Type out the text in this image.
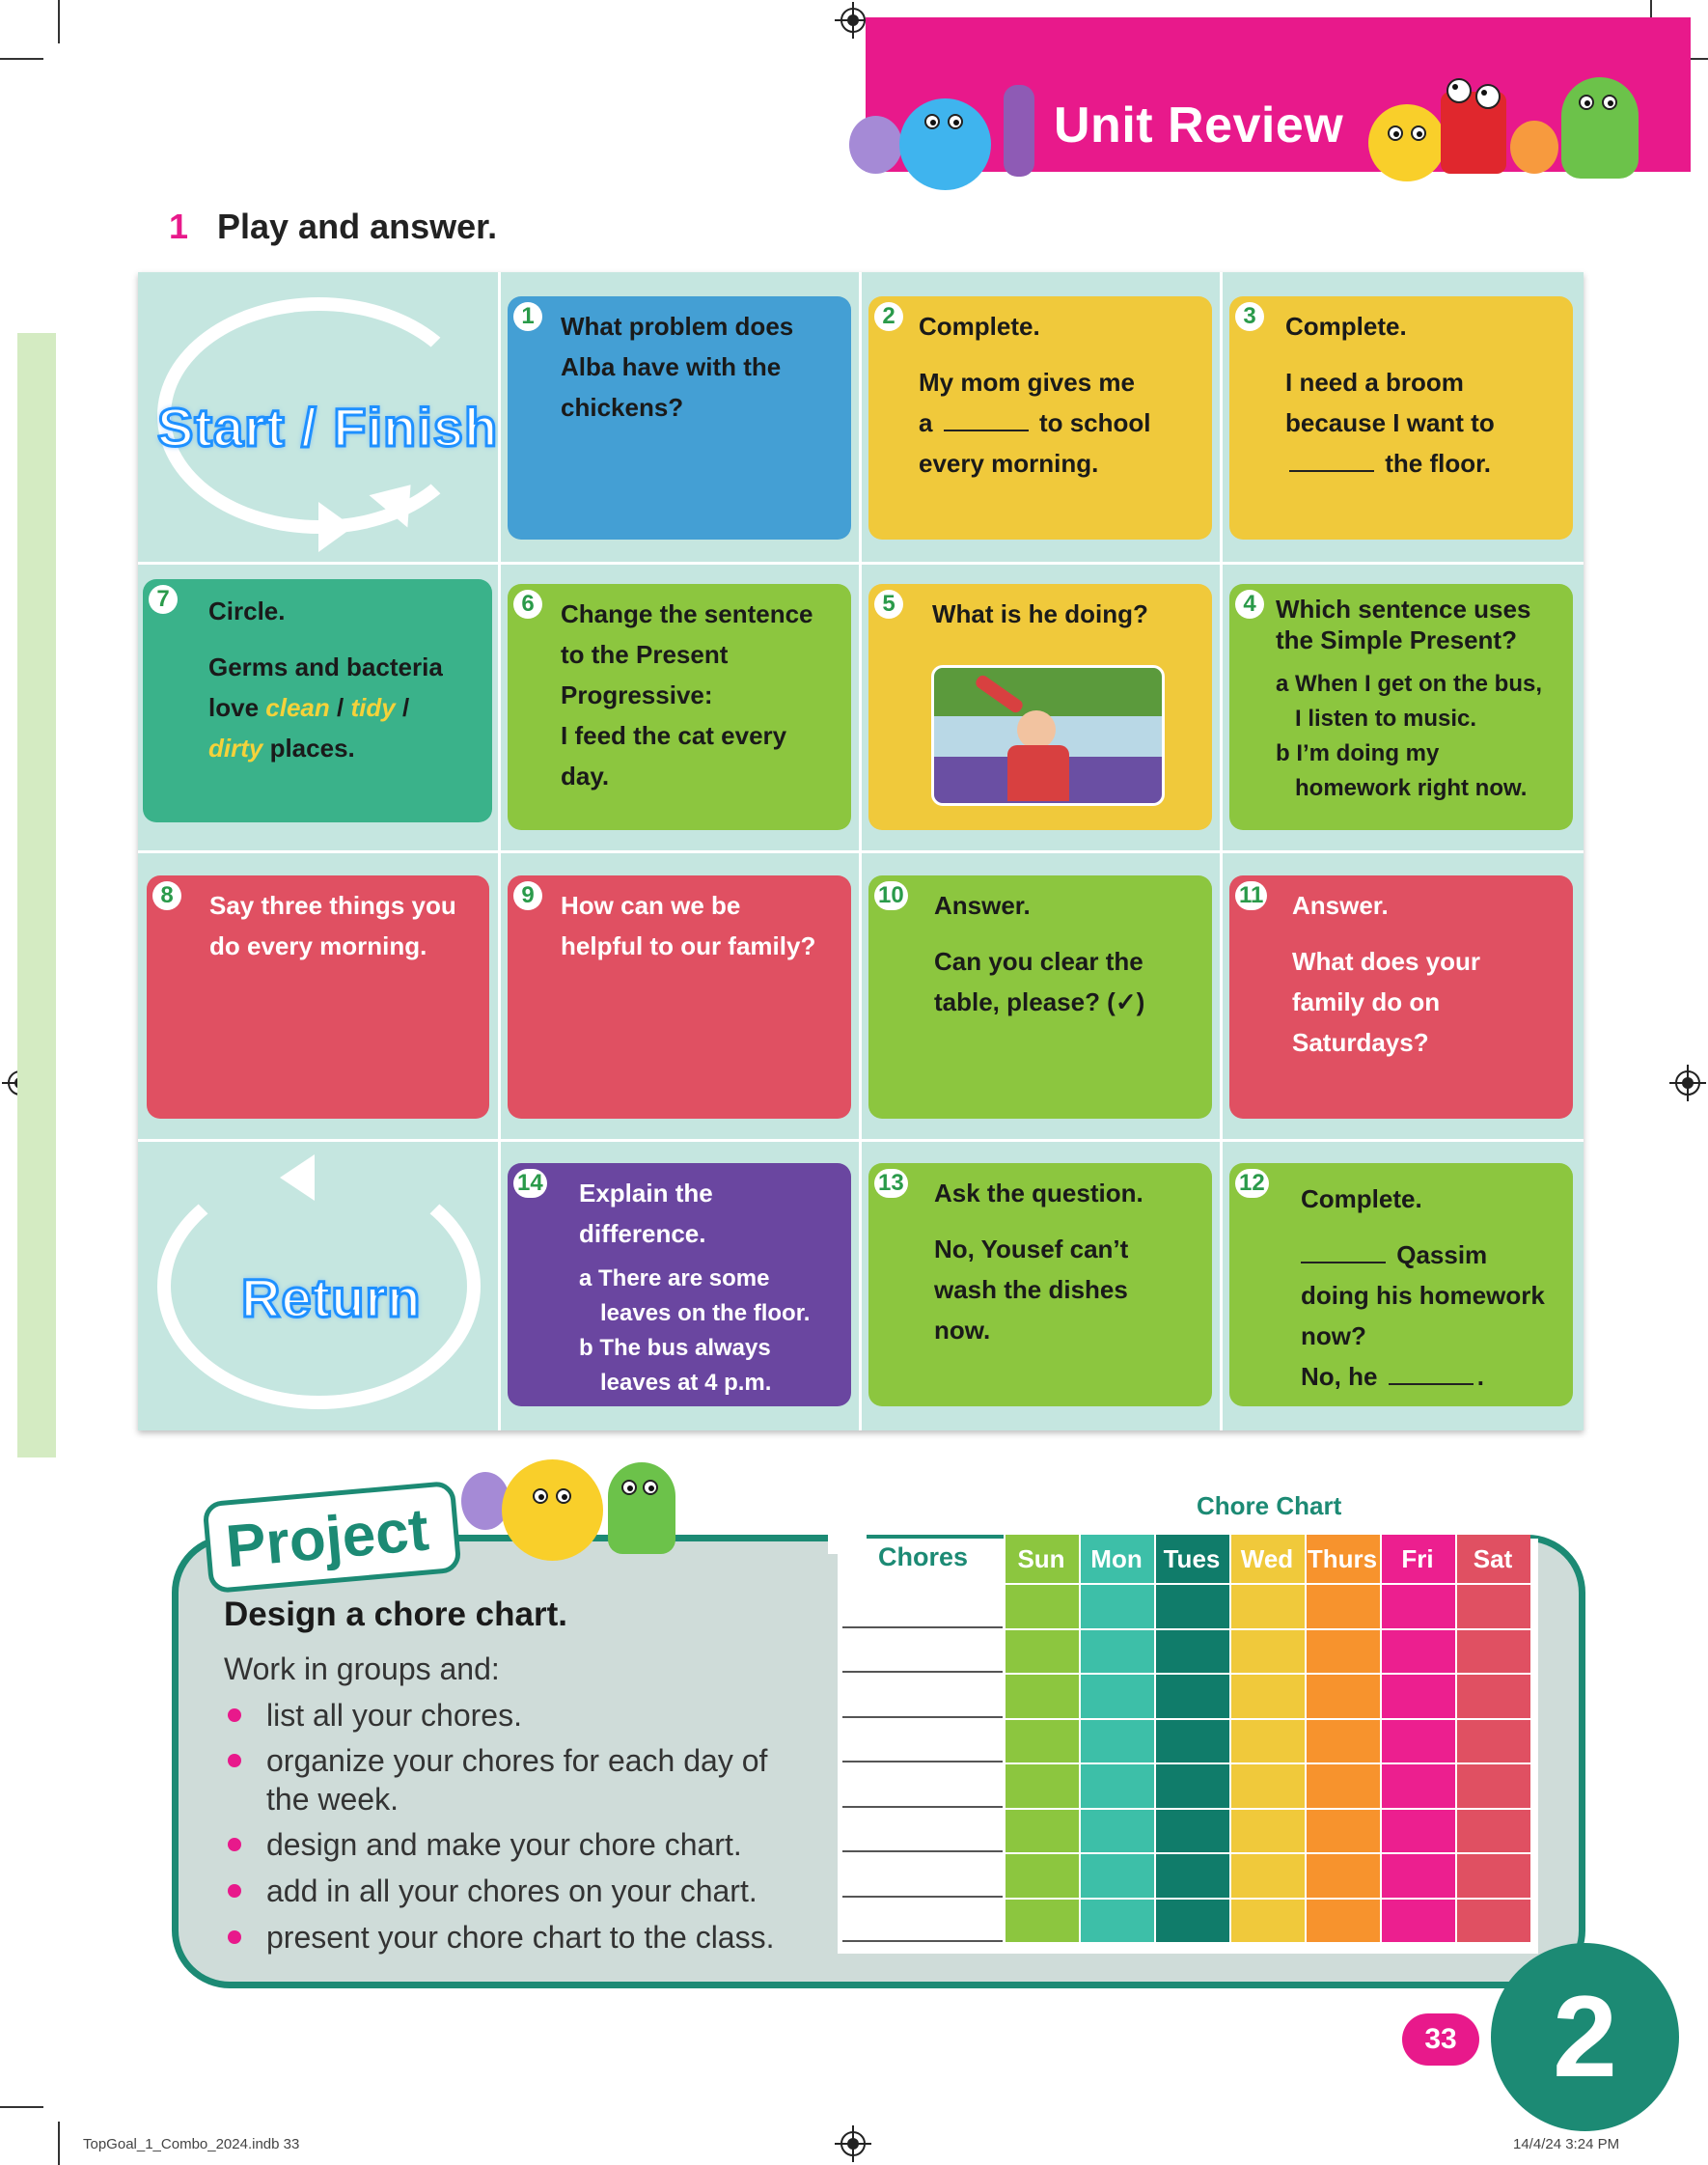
Unit Review
1 Play and answer.
Start / Finish
Return
1	What problem does

Alba have with the

chickens?

2 Complete.

My mom gives me

a	to school

every morning.

3	Complete.

I need a broom

because I want to

the floor.

7	Circle.

Germs and bacteria

love clean / tidy /

dirty places.

6	Change the sentence

to the Present

Progressive:

I feed the cat every

day.

5	What is he doing?	4 Which sentence uses

the Simple Present?

a When I get on the bus,

I listen to music.

b I’m doing my

homework right now.

8	Say three things you

do every morning.

9	How can we be

helpful to our family?

10 Answer.

Can you clear the

table, please? (✓)

11 Answer.

What does your

family do on

Saturdays?

14 Explain the

difference.

a There are some

leaves on the floor.

b The bus always

leaves at 4 p.m.

13 Ask the question.

No, Yousef can’t

wash the dishes

now.

12

Complete.

Qassim

doing his homework

now?

No, he	.

Project
Design a chore chart.
Work in groups and:
list all your chores.
organize your chores for each day of
the week.
design and make your chore chart.
add in all your chores on your chart.
present your chore chart to the class.
Chore Chart
Chores	Sun	Mon Tues Wed Thurs Fri	Sat
33 2
TopGoal_1_Combo_2024.indb 33	14/4/24 3:24 PM
